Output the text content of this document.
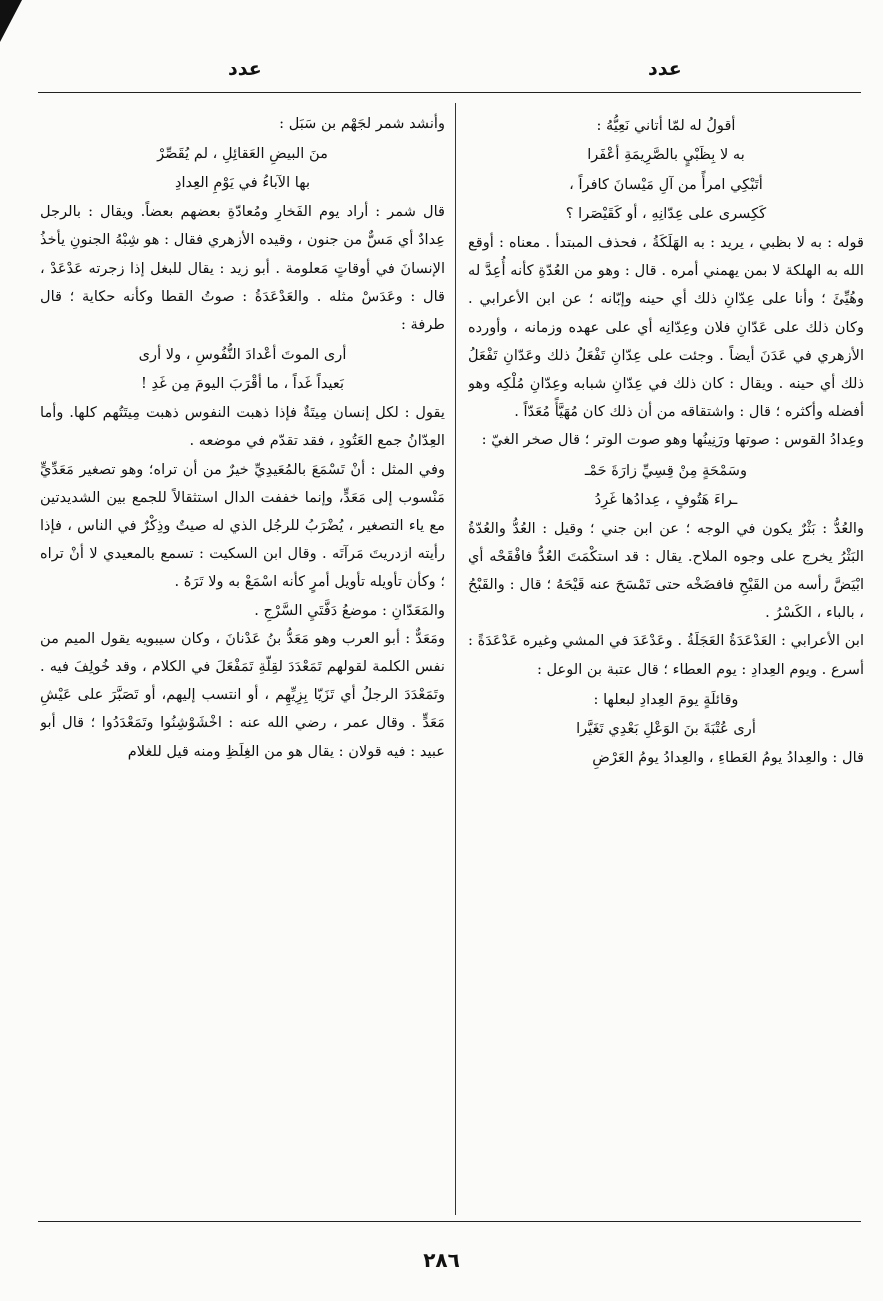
عدد	عدد
أقولُ له لمّا أتاني نَعِيُّهُ :
به لا بِظَبْيٍ بالصَّرِيمَةِ أعْفَرا
أتَبْكِي امرأً من آلِ مَيْسانَ كافراً ،
كَكِسرى على عِدّانِهِ ، أو كَقَيْصَرا ؟

قوله : به لا بظبي ، يريد : به الهَلَكَةُ ، فحذف المبتدأ . معناه : أوقع الله به الهلكة لا بمن يهمني أمره . قال : وهو من العُدّةِ كأنه أُعِدَّ له وهُيِّئَ ؛ وأنا على عِدّانِ ذلك أي حينه وإبّانه ؛ عن ابن الأعرابي . وكان ذلك على عَدّانِ فلان وعِدّانِه أي على عهده وزمانه ، وأورده الأزهري في عَدَنَ أيضاً . وجئت على عِدّانِ تَفْعَلُ ذلك وعَدّانِ تَفْعَلُ ذلك أي حينه . ويقال : كان ذلك في عِدّانِ شبابه وعِدّانِ مُلْكِه وهو أفضله وأكثره ؛ قال : واشتقاقه من أن ذلك كان مُهَيَّأً مُعَدّاً .

وعِدادُ القوس : صوتها ورَنِينُها وهو صوت الوتر ؛ قال صخر الغيّ :

وسَمْحَةٍ مِنْ قِسِيِّ زارَةَ حَمْـ
ـراءَ هَتُوفٍ ، عِدادُها غَرِدُ

والعُدُّ : بَثْرٌ يكون في الوجه ؛ عن ابن جني ؛ وقيل : العُدُّ والعُدّةُ البَثْرُ يخرج على وجوه الملاح. يقال : قد استكْمَتَ العُدُّ فافْقَحْه أي ابْيَضَّ رأسه من القَيْحِ فافضَخْه حتى تَمْسَحَ عنه قَيْحَهُ ؛ قال : والقَبْحُ ، بالباء ، الكَسْرُ .

ابن الأعرابي : العَدْعَدَةُ العَجَلَةُ . وعَدْعَدَ في المشي وغيره عَدْعَدَةً : أسرع . ويوم العِدادِ : يوم العطاء ؛ قال عتبة بن الوعل :

وقائلَةٍ يومَ العِدادِ لبعلها :
أرى عُتْبَةَ بنَ الوَعْلِ بَعْدِي تَغَيَّرا

قال : والعِدادُ يومُ العَطاءِ ، والعِدادُ يومُ العَرْضِ

وأنشد شمر لجَهْم بن سَبَل :

منَ البيضِ العَقائِلِ ، لم يُقَصِّرْ
بها الآباءُ في يَوْمِ العِدادِ

قال شمر : أراد يوم الفَخارِ ومُعادّةِ بعضهم بعضاً. ويقال : بالرجل عِدادٌ أي مَسٌّ من جنون ، وقيده الأزهري فقال : هو شِبْهُ الجنونِ يأخذُ الإنسانَ في أوقاتٍ مَعلومة . أبو زيد : يقال للبغل إذا زجرته عَدْعَدْ ، قال : وعَدَسْ مثله . والعَدْعَدَةُ : صوتُ القطا وكأنه حكاية ؛ قال طرفة :

أرى الموتَ أعْدادَ النُّفُوسِ ، ولا أرى
بَعيداً غَداً ، ما أقْرَبَ اليومَ مِن غَدِ !

يقول : لكل إنسان مِيتَةٌ فإذا ذهبت النفوس ذهبت مِيتَتُهم كلها. وأما العِدّانُ جمع العَتُودِ ، فقد تقدّم في موضعه .

وفي المثل : أنْ تَسْمَعَ بالمُعَيدِيِّ خيرٌ من أن تراه؛ وهو تصغير مَعَدِّيٍّ مَنْسوب إلى مَعَدٍّ، وإنما خففت الدال استثقالاً للجمع بين الشديدتين مع ياء التصغير ، يُضْرَبُ للرجُل الذي له صيتٌ وذِكْرٌ في الناس ، فإذا رأيته ازدريتَ مَرآتَه . وقال ابن السكيت : تسمع بالمعيدي لا أنْ تراه ؛ وكأن تأويله تأويل أمرٍ كأنه اسْمَعْ به ولا تَرَهُ .

والمَعَدّانِ : موضعُ دَفَّتَيِ السَّرْجِ .

ومَعَدٌّ : أبو العرب وهو مَعَدُّ بنُ عَدْنانَ ، وكان سيبويه يقول الميم من نفس الكلمة لقولهم تَمَعْدَدَ لقِلّةِ تَمَفْعَلَ في الكلام ، وقد خُولِفَ فيه . وتَمَعْدَدَ الرجلُ أي تَزَيّا بِزِيِّهِم ، أو انتسب إليهم، أو تَصَبَّرَ على عَيْشِ مَعَدٍّ . وقال عمر ، رضي الله عنه : اخْشَوْشِنُوا وتَمَعْدَدُوا ؛ قال أبو عبيد : فيه قولان : يقال هو من الغِلَظِ ومنه قيل للغلام

٢٨٦
